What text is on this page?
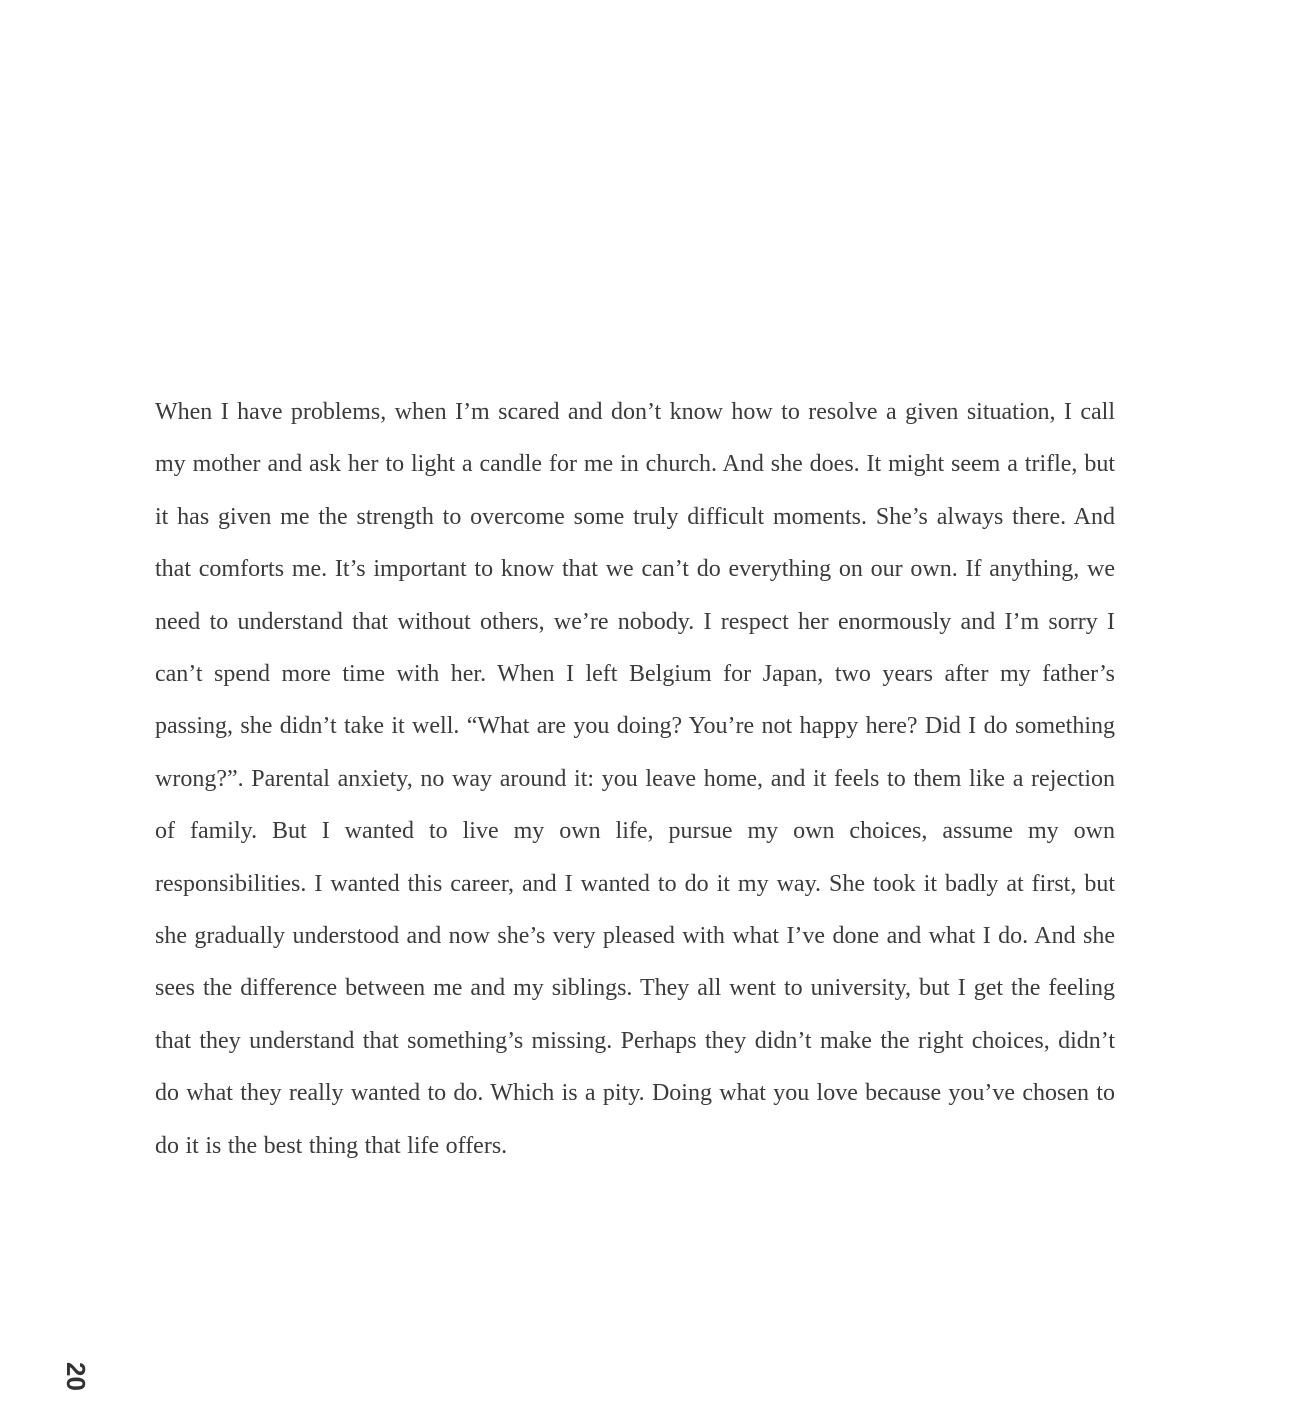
When I have problems, when I’m scared and don’t know how to resolve a given situation, I call my mother and ask her to light a candle for me in church. And she does. It might seem a trifle, but it has given me the strength to overcome some truly difficult moments. She’s always there. And that comforts me. It’s important to know that we can’t do everything on our own. If anything, we need to understand that without others, we’re nobody. I respect her enormously and I’m sorry I can’t spend more time with her. When I left Belgium for Japan, two years after my father’s passing, she didn’t take it well. “What are you doing? You’re not happy here? Did I do something wrong?”. Parental anxiety, no way around it: you leave home, and it feels to them like a rejection of family. But I wanted to live my own life, pursue my own choices, assume my own responsibilities. I wanted this career, and I wanted to do it my way. She took it badly at first, but she gradually understood and now she’s very pleased with what I’ve done and what I do. And she sees the difference between me and my siblings. They all went to university, but I get the feeling that they understand that something’s missing. Perhaps they didn’t make the right choices, didn’t do what they really wanted to do. Which is a pity. Doing what you love because you’ve chosen to do it is the best thing that life offers.

20
